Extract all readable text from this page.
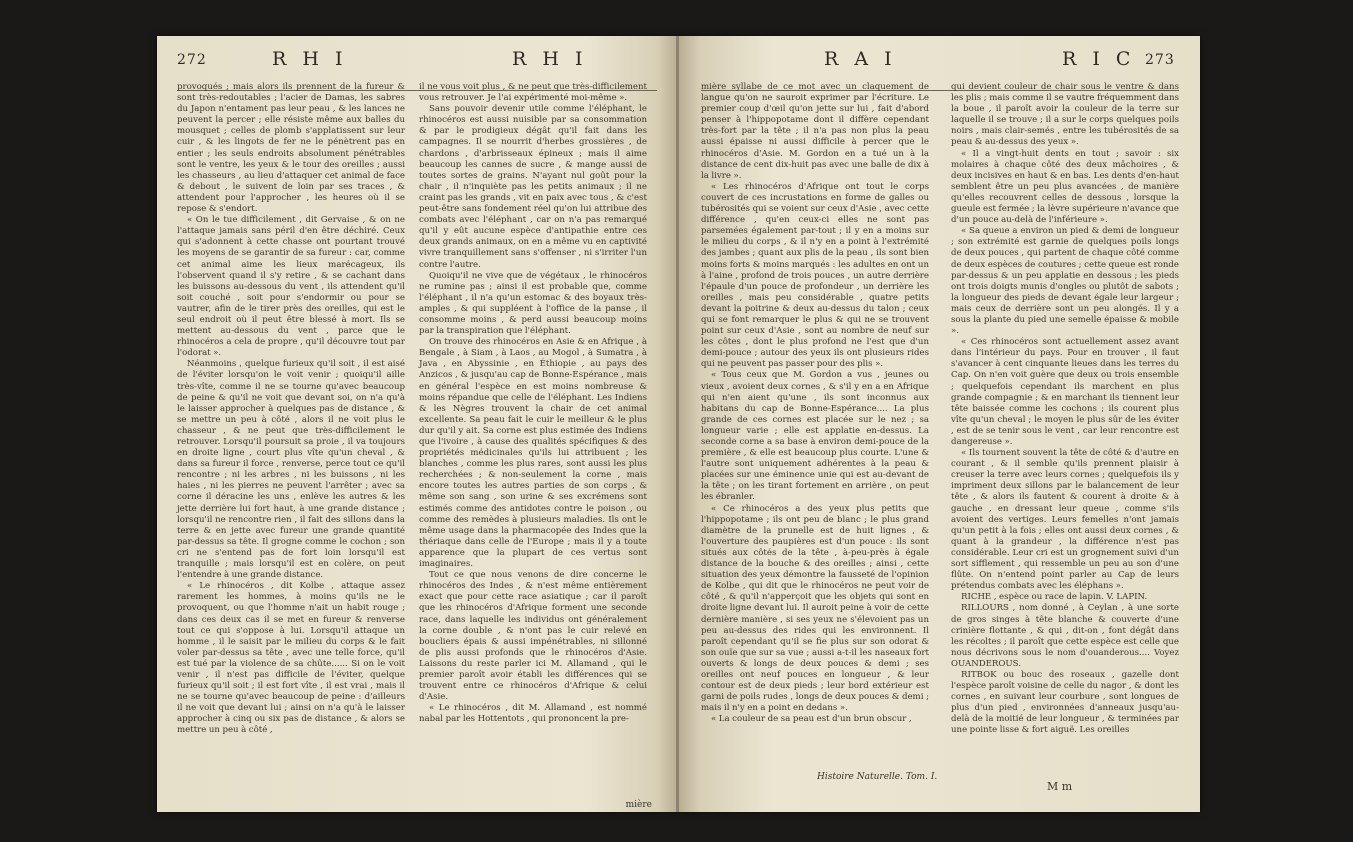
272	R H I	R H I

provoqués ; mais alors ils prennent de la fureur & sont très-redoutables ; l'acier de Damas, les sabres du Japon n'entament pas leur peau , & les lances ne peuvent la percer ; elle résiste même aux balles du mousquet ; celles de plomb s'applatissent sur leur cuir , & les lingots de fer ne le pénètrent pas en entier ; les seuls endroits absolument pénétrables sont le ventre, les yeux & le tour des oreilles ; aussi les chasseurs , au lieu d'attaquer cet animal de face & debout , le suivent de loin par ses traces , & attendent pour l'approcher , les heures où il se repose & s'endort.

« On le tue difficilement , dit Gervaise , & on ne l'attaque jamais sans péril d'en être déchiré. Ceux qui s'adonnent à cette chasse ont pourtant trouvé les moyens de se garantir de sa fureur : car, comme cet animal aime les lieux marécageux, ils l'observent quand il s'y retire , & se cachant dans les buissons au-dessous du vent , ils attendent qu'il soit couché , soit pour s'endormir ou pour se vautrer, afin de le tirer près des oreilles, qui est le seul endroit où il peut être blessé à mort. Ils se mettent au-dessous du vent , parce que le rhinocéros a cela de propre , qu'il découvre tout par l'odorat ».

Néanmoins , quelque furieux qu'il soit , il est aisé de l'éviter lorsqu'on le voit venir ; quoiqu'il aille très-vîte, comme il ne se tourne qu'avec beaucoup de peine & qu'il ne voit que devant soi, on n'a qu'à le laisser approcher à quelques pas de distance , & se mettre un peu à côté , alors il ne voit plus le chasseur , & ne peut que très-difficilement le retrouver. Lorsqu'il poursuit sa proie , il va toujours en droite ligne , court plus vîte qu'un cheval , & dans sa fureur il force , renverse, perce tout ce qu'il rencontre ; ni les arbres , ni les buissons , ni les haies , ni les pierres ne peuvent l'arrêter ; avec sa corne il déracine les uns , enlève les autres & les jette derrière lui fort haut, à une grande distance ; lorsqu'il ne rencontre rien , il fait des sillons dans la terre & en jette avec fureur une grande quantité par-dessus sa tête. Il grogne comme le cochon ; son cri ne s'entend pas de fort loin lorsqu'il est tranquille ; mais lorsqu'il est en colère, on peut l'entendre à une grande distance.

« Le rhinocéros , dit Kolbe , attaque assez rarement les hommes, à moins qu'ils ne le provoquent, ou que l'homme n'ait un habit rouge ; dans ces deux cas il se met en fureur & renverse tout ce qui s'oppose à lui. Lorsqu'il attaque un homme , il le saisit par le milieu du corps & le fait voler par-dessus sa tête , avec une telle force, qu'il est tué par la violence de sa chûte...... Si on le voit venir , il n'est pas difficile de l'éviter, quelque furieux qu'il soit ; il est fort vîte , il est vrai , mais il ne se tourne qu'avec beaucoup de peine : d'ailleurs il ne voit que devant lui ; ainsi on n'a qu'à le laisser approcher à cinq ou six pas de distance , & alors se mettre un peu à côté ,

il ne vous voit plus , & ne peut que très-difficilement vous retrouver. Je l'ai expérimenté moi-même ».

Sans pouvoir devenir utile comme l'éléphant, le rhinocéros est aussi nuisible par sa consommation & par le prodigieux dégât qu'il fait dans les campagnes. Il se nourrit d'herbes grossières , de chardons , d'arbrisseaux épineux ; mais il aime beaucoup les cannes de sucre , & mange aussi de toutes sortes de grains. N'ayant nul goût pour la chair , il n'inquiète pas les petits animaux ; il ne craint pas les grands , vit en paix avec tous , & c'est peut-être sans fondement réel qu'on lui attribue des combats avec l'éléphant , car on n'a pas remarqué qu'il y eût aucune espèce d'antipathie entre ces deux grands animaux, on en a même vu en captivité vivre tranquillement sans s'offenser , ni s'irriter l'un contre l'autre.

Quoiqu'il ne vive que de végétaux , le rhinocéros ne rumine pas ; ainsi il est probable que, comme l'éléphant , il n'a qu'un estomac & des boyaux très-amples , & qui suppléent à l'office de la panse , il consomme moins , & perd aussi beaucoup moins par la transpiration que l'éléphant.

On trouve des rhinocéros en Asie & en Afrique , à Bengale , à Siam , à Laos , au Mogol , à Sumatra , à Java , en Abyssinie , en Éthiopie , au pays des Anzicos , & jusqu'au cap de Bonne-Espérance , mais en général l'espèce en est moins nombreuse & moins répandue que celle de l'éléphant. Les Indiens & les Nègres trouvent la chair de cet animal excellente. Sa peau fait le cuir le meilleur & le plus dur qu'il y ait. Sa corne est plus estimée des Indiens que l'ivoire , à cause des qualités spécifiques & des propriétés médicinales qu'ils lui attribuent ; les blanches , comme les plus rares, sont aussi les plus recherchées ; & non-seulement la corne , mais encore toutes les autres parties de son corps , & même son sang , son urine & ses excrémens sont estimés comme des antidotes contre le poison , ou comme des remèdes à plusieurs maladies. Ils ont le même usage dans la pharmacopée des Indes que la thériaque dans celle de l'Europe ; mais il y a toute apparence que la plupart de ces vertus sont imaginaires.

Tout ce que nous venons de dire concerne le rhinocéros des Indes , & n'est même entièrement exact que pour cette race asiatique ; car il paroît que les rhinocéros d'Afrique forment une seconde race, dans laquelle les individus ont généralement la corne double , & n'ont pas le cuir relevé en boucliers épais & aussi impénétrables, ni sillonné de plis aussi profonds que le rhinocéros d'Asie. Laissons du reste parler ici M. Allamand , qui le premier paroît avoir établi les différences qui se trouvent entre ce rhinocéros d'Afrique & celui d'Asie.

« Le rhinocéros , dit M. Allamand , est nommé nabal par les Hottentots , qui prononcent la pre-

mière
R A I	R I C 273

mière syllabe de ce mot avec un claquement de langue qu'on ne sauroit exprimer par l'écriture. Le premier coup d'œil qu'on jette sur lui , fait d'abord penser à l'hippopotame dont il diffère cependant très-fort par la tête ; il n'a pas non plus la peau aussi épaisse ni aussi difficile à percer que le rhinocéros d'Asie. M. Gordon en a tué un à la distance de cent dix-huit pas avec une balle de dix à la livre ».

« Les rhinocéros d'Afrique ont tout le corps couvert de ces incrustations en forme de galles ou tubérosités qui se voient sur ceux d'Asie , avec cette différence , qu'en ceux-ci elles ne sont pas parsemées également par-tout ; il y en a moins sur le milieu du corps , & il n'y en a point à l'extrémité des jambes ; quant aux plis de la peau , ils sont bien moins forts & moins marqués : les adultes en ont un à l'aine , profond de trois pouces , un autre derrière l'épaule d'un pouce de profondeur , un derrière les oreilles , mais peu considérable , quatre petits devant la poitrine & deux au-dessus du talon ; ceux qui se font remarquer le plus & qui ne se trouvent point sur ceux d'Asie , sont au nombre de neuf sur les côtes , dont le plus profond ne l'est que d'un demi-pouce ; autour des yeux ils ont plusieurs rides qui ne peuvent pas passer pour des plis ».

« Tous ceux que M. Gordon a vus , jeunes ou vieux , avoient deux cornes , & s'il y en a en Afrique qui n'en aient qu'une , ils sont inconnus aux habitans du cap de Bonne-Espérance.... La plus grande de ces cornes est placée sur le nez ; sa longueur varie ; elle est applatie en-dessus. La seconde corne a sa base à environ demi-pouce de la première , & elle est beaucoup plus courte. L'une & l'autre sont uniquement adhérentes à la peau & placées sur une éminence unie qui est au-devant de la tête ; on les tirant fortement en arrière , on peut les ébranler.

« Ce rhinocéros a des yeux plus petits que l'hippopotame ; ils ont peu de blanc ; le plus grand diamètre de la prunelle est de huit lignes , & l'ouverture des paupières est d'un pouce : ils sont situés aux côtés de la tête , à-peu-près à égale distance de la bouche & des oreilles ; ainsi , cette situation des yeux démontre la fausseté de l'opinion de Kolbe , qui dit que le rhinocéros ne peut voir de côté , & qu'il n'apperçoit que les objets qui sont en droite ligne devant lui. Il auroit peine à voir de cette dernière manière , si ses yeux ne s'élevoient pas un peu au-dessus des rides qui les environnent. Il paroît cependant qu'il se fie plus sur son odorat & son ouïe que sur sa vue ; aussi a-t-il les naseaux fort ouverts & longs de deux pouces & demi ; ses oreilles ont neuf pouces en longueur , & leur contour est de deux pieds ; leur bord extérieur est garni de poils rudes , longs de deux pouces & demi ; mais il n'y en a point en dedans ».

« La couleur de sa peau est d'un brun obscur ,

qui devient couleur de chair sous le ventre & dans les plis ; mais comme il se vautre fréquemment dans la boue , il paroît avoir la couleur de la terre sur laquelle il se trouve ; il a sur le corps quelques poils noirs , mais clair-semés , entre les tubérosités de sa peau & au-dessus des yeux ».

« Il a vingt-huit dents en tout ; savoir : six molaires à chaque côté des deux mâchoires , & deux incisives en haut & en bas. Les dents d'en-haut semblent être un peu plus avancées , de manière qu'elles recouvrent celles de dessous , lorsque la gueule est fermée ; la lèvre supérieure n'avance que d'un pouce au-delà de l'inférieure ».

« Sa queue a environ un pied & demi de longueur ; son extrémité est garnie de quelques poils longs de deux pouces , qui partent de chaque côté comme de deux espèces de coutures ; cette queue est ronde par-dessus & un peu applatie en dessous ; les pieds ont trois doigts munis d'ongles ou plutôt de sabots ; la longueur des pieds de devant égale leur largeur ; mais ceux de derrière sont un peu alongés. Il y a sous la plante du pied une semelle épaisse & mobile ».

« Ces rhinocéros sont actuellement assez avant dans l'intérieur du pays. Pour en trouver , il faut s'avancer à cent cinquante lieues dans les terres du Cap. On n'en voit guère que deux ou trois ensemble ; quelquefois cependant ils marchent en plus grande compagnie ; & en marchant ils tiennent leur tête baissée comme les cochons ; ils courent plus vîte qu'un cheval ; le moyen le plus sûr de les éviter , est de se tenir sous le vent , car leur rencontre est dangereuse ».

« Ils tournent souvent la tête de côté & d'autre en courant , & il semble qu'ils prennent plaisir à creuser la terre avec leurs cornes ; quelquefois ils y impriment deux sillons par le balancement de leur tête , & alors ils fautent & courent à droite & à gauche , en dressant leur queue , comme s'ils avoient des vertiges. Leurs femelles n'ont jamais qu'un petit à la fois ; elles ont aussi deux cornes , & quant à la grandeur , la différence n'est pas considérable. Leur cri est un grognement suivi d'un sort sifflement , qui ressemble un peu au son d'une flûte. On n'entend point parler au Cap de leurs prétendus combats avec les éléphans ».

RICHE , espèce ou race de lapin. V. LAPIN.

RILLOURS , nom donné , à Ceylan , à une sorte de gros singes à tête blanche & couverte d'une crinière flottante , & qui , dit-on , font dégât dans les récoltes ; il paroît que cette espèce est celle que nous décrivons sous le nom d'ouanderous.... Voyez OUANDEROUS.

RITBOK ou bouc des roseaux , gazelle dont l'espèce paroît voisine de celle du nagor , & dont les cornes , en suivant leur courbure , sont longues de plus d'un pied , environnées d'anneaux jusqu'au-delà de la moitié de leur longueur , & terminées par une pointe lisse & fort aiguë. Les oreilles

Histoire Naturelle. Tom. I.
M m
